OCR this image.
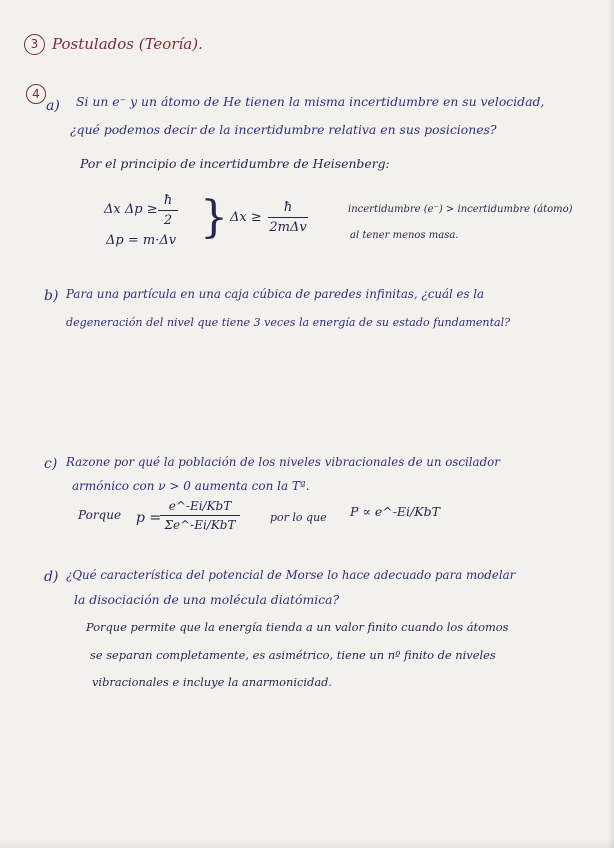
3 Postulados (Teoría).
4
a) Si un e⁻ y un átomo de He tienen la misma incertidumbre en su velocidad,
¿qué podemos decir de la incertidumbre relativa en sus posiciones?
Por el principio de incertidumbre de Heisenberg:
Δx Δp ≥
ħ
2
Δp = m·Δv } Δx ≥
ħ
2mΔv
incertidumbre (e⁻) > incertidumbre (átomo)
al tener menos masa.
b) Para una partícula en una caja cúbica de paredes infinitas, ¿cuál es la
degeneración del nivel que tiene 3 veces la energía de su estado fundamental?
c) Razone por qué la población de los niveles vibracionales de un oscilador
armónico con ν > 0 aumenta con la Tª.
Porque p =
e^-Ei/KbT
Σe^-Ei/KbT
por lo que P ∝ e^-Ei/KbT
d) ¿Qué característica del potencial de Morse lo hace adecuado para modelar
la disociación de una molécula diatómica?
Porque permite que la energía tienda a un valor finito cuando los átomos
se separan completamente, es asimétrico, tiene un nº finito de niveles
vibracionales e incluye la anarmonicidad.
